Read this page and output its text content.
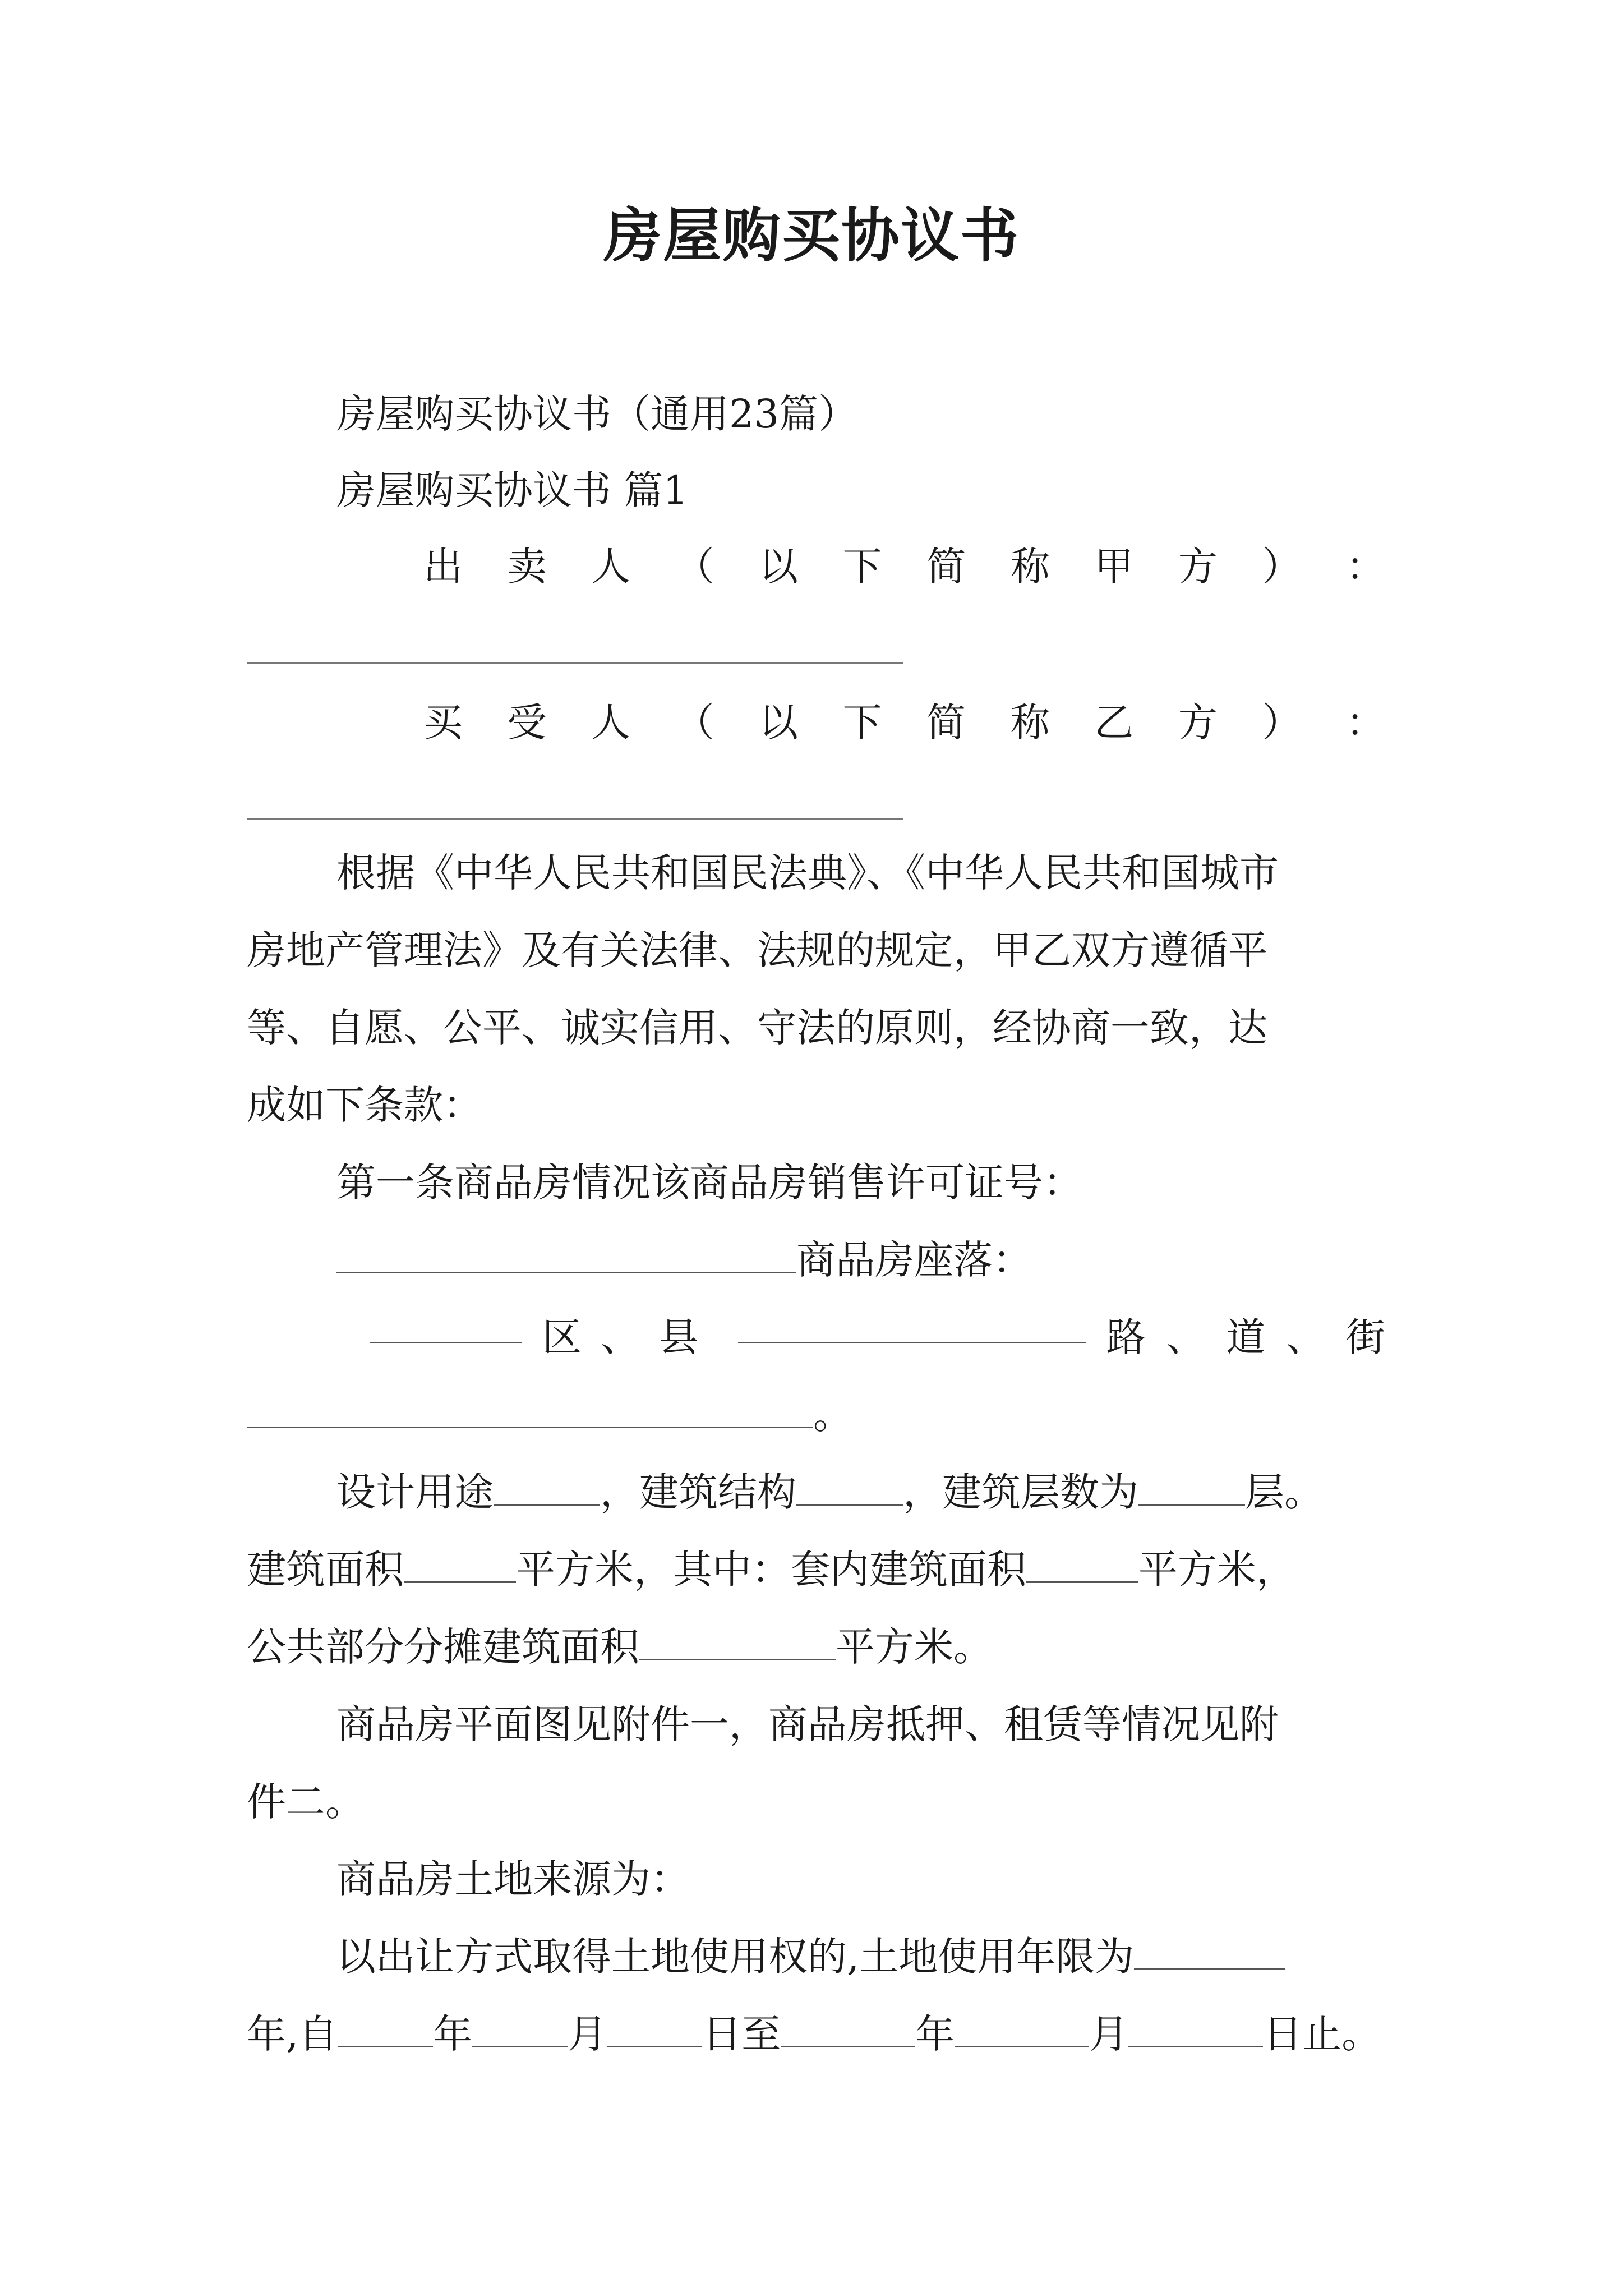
房屋购买协议书
房屋购买协议书（通用23篇）
房屋购买协议书 篇1
出 卖 人 （ 以 下 简 称 甲 方 ） ：
买 受 人 （ 以 下 简 称 乙 方 ） ：
根据《中华人民共和国民法典》、《中华人民共和国城市
房地产管理法》及有关法律、法规的规定，甲乙双方遵循平
等、自愿、公平、诚实信用、守法的原则，经协商一致，达
成如下条款：
第一条商品房情况该商品房销售许可证号：
商品房座落：
区、县	路 、 道 、 街
。
设计用途	，建筑结构	，建筑层数为	层。
建筑面积	平方米，其中：套内建筑面积	平方米，
公共部分分摊建筑面积	平方米。
商品房平面图见附件一，商品房抵押、租赁等情况见附
件二。
商品房土地来源为：
以出让方式取得土地使用权的,土地使用年限为
年,自 年 月 日至	年	月	日止。
